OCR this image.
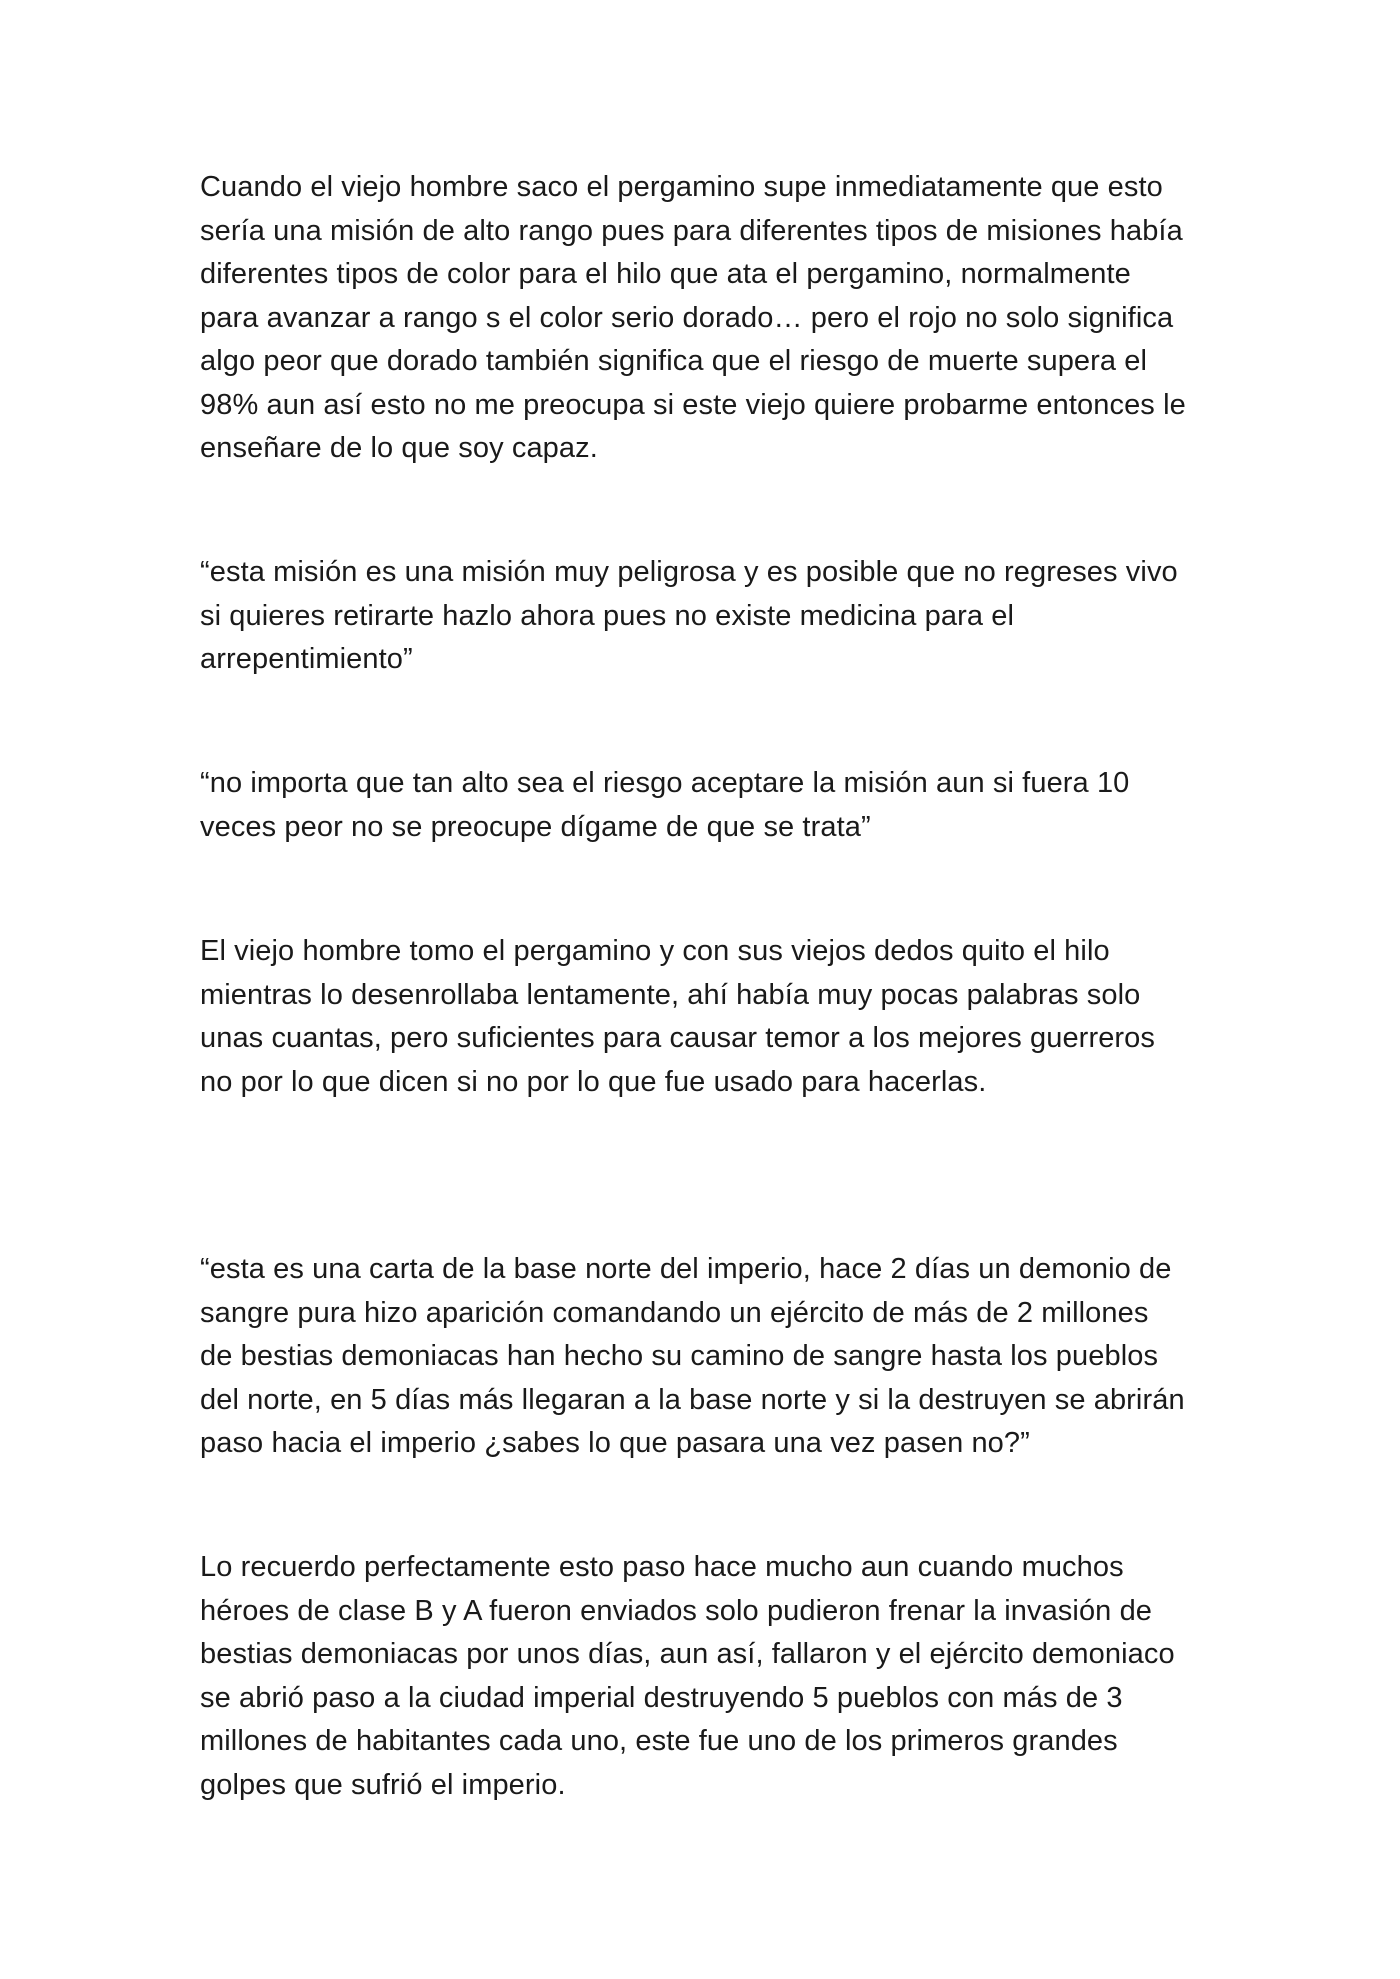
Cuando el viejo hombre saco el pergamino supe inmediatamente que esto
sería una misión de alto rango pues para diferentes tipos de misiones había
diferentes tipos de color para el hilo que ata el pergamino, normalmente
para avanzar a rango s el color serio dorado… pero el rojo no solo significa
algo peor que dorado también significa que el riesgo de muerte supera el
98% aun así esto no me preocupa si este viejo quiere probarme entonces le
enseñare de lo que soy capaz.

“esta misión es una misión muy peligrosa y es posible que no regreses vivo
si quieres retirarte hazlo ahora pues no existe medicina para el
arrepentimiento”

“no importa que tan alto sea el riesgo aceptare la misión aun si fuera 10
veces peor no se preocupe dígame de que se trata”

El viejo hombre tomo el pergamino y con sus viejos dedos quito el hilo
mientras lo desenrollaba lentamente, ahí había muy pocas palabras solo
unas cuantas, pero suficientes para causar temor a los mejores guerreros
no por lo que dicen si no por lo que fue usado para hacerlas.

“esta es una carta de la base norte del imperio, hace 2 días un demonio de
sangre pura hizo aparición comandando un ejército de más de 2 millones
de bestias demoniacas han hecho su camino de sangre hasta los pueblos
del norte, en 5 días más llegaran a la base norte y si la destruyen se abrirán
paso hacia el imperio ¿sabes lo que pasara una vez pasen no?”

Lo recuerdo perfectamente esto paso hace mucho aun cuando muchos
héroes de clase B y A fueron enviados solo pudieron frenar la invasión de
bestias demoniacas por unos días, aun así, fallaron y el ejército demoniaco
se abrió paso a la ciudad imperial destruyendo 5 pueblos con más de 3
millones de habitantes cada uno, este fue uno de los primeros grandes
golpes que sufrió el imperio.
